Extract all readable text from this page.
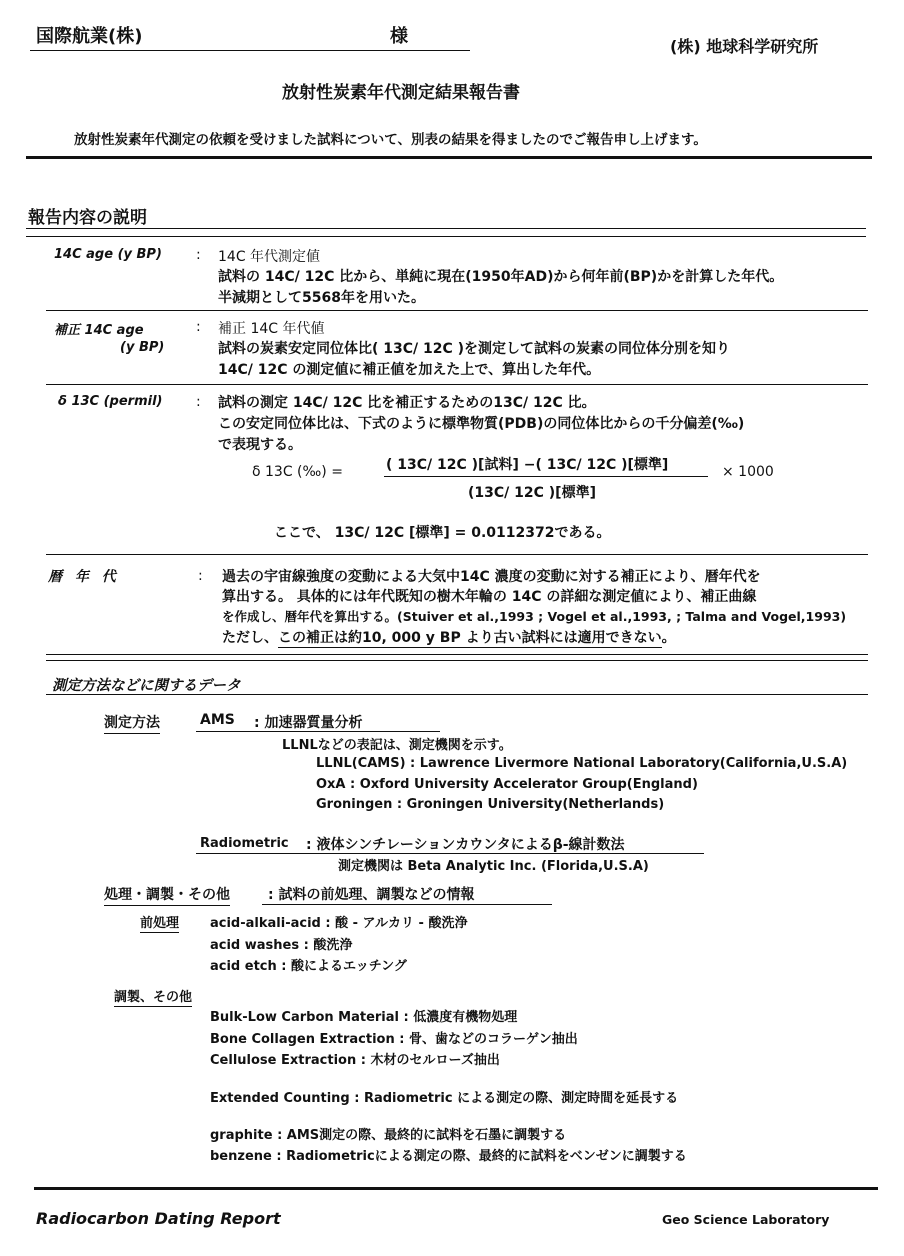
国際航業(株)	様	(株) 地球科学研究所
放射性炭素年代測定結果報告書
放射性炭素年代測定の依頼を受けました試料について、別表の結果を得ましたのでご報告申し上げます。
報告内容の説明
14C age (y BP) : 14C 年代測定値
試料の 14C/ 12C 比から、単純に現在(1950年AD)から何年前(BP)かを計算した年代。
半減期として5568年を用いた。
補正 14C age
(y BP)
: 補正 14C 年代値
試料の炭素安定同位体比( 13C/ 12C )を測定して試料の炭素の同位体分別を知り
14C/ 12C の測定値に補正値を加えた上で、算出した年代。
δ 13C (permil) : 試料の測定 14C/ 12C 比を補正するための13C/ 12C 比。
この安定同位体比は、下式のように標準物質(PDB)の同位体比からの千分偏差(‰)
で表現する。
δ 13C (‰) =	( 13C/ 12C )[試料] −( 13C/ 12C )[標準]
(13C/ 12C )[標準]
× 1000
ここで、 13C/ 12C [標準] = 0.0112372である。
暦 年 代	: 過去の宇宙線強度の変動による大気中14C 濃度の変動に対する補正により、暦年代を
算出する。 具体的には年代既知の樹木年輪の 14C の詳細な測定値により、補正曲線
を作成し、暦年代を算出する。(Stuiver et al.,1993 ; Vogel et al.,1993, ; Talma and Vogel,1993)
ただし、この補正は約10, 000 y BP より古い試料には適用できない。
測定方法などに関するデータ
測定方法	AMS : 加速器質量分析
LLNLなどの表記は、測定機関を示す。
LLNL(CAMS) : Lawrence Livermore National Laboratory(California,U.S.A)
OxA : Oxford University Accelerator Group(England)
Groningen : Groningen University(Netherlands)
Radiometric : 液体シンチレーションカウンタによるβ-線計数法
測定機関は Beta Analytic Inc. (Florida,U.S.A)
処理・調製・その他	: 試料の前処理、調製などの情報
前処理 acid-alkali-acid : 酸 - アルカリ - 酸洗浄
acid washes : 酸洗浄
acid etch : 酸によるエッチング
調製、その他
Bulk-Low Carbon Material : 低濃度有機物処理
Bone Collagen Extraction : 骨、歯などのコラーゲン抽出
Cellulose Extraction : 木材のセルローズ抽出
Extended Counting : Radiometric による測定の際、測定時間を延長する
graphite : AMS測定の際、最終的に試料を石墨に調製する
benzene : Radiometricによる測定の際、最終的に試料をベンゼンに調製する
Radiocarbon Dating Report	Geo Science Laboratory
